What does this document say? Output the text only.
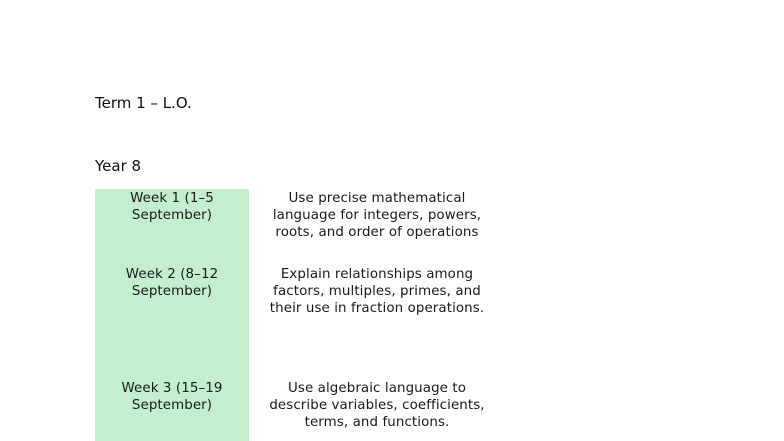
Term 1 – L.O.
Year 8
Week 1 (1–5 September)
Use precise mathematical language for integers, powers, roots, and order of operations
Week 2 (8–12 September)
Explain relationships among factors, multiples, primes, and their use in fraction operations.
Week 3 (15–19 September)
Use algebraic language to describe variables, coefficients, terms, and functions.
